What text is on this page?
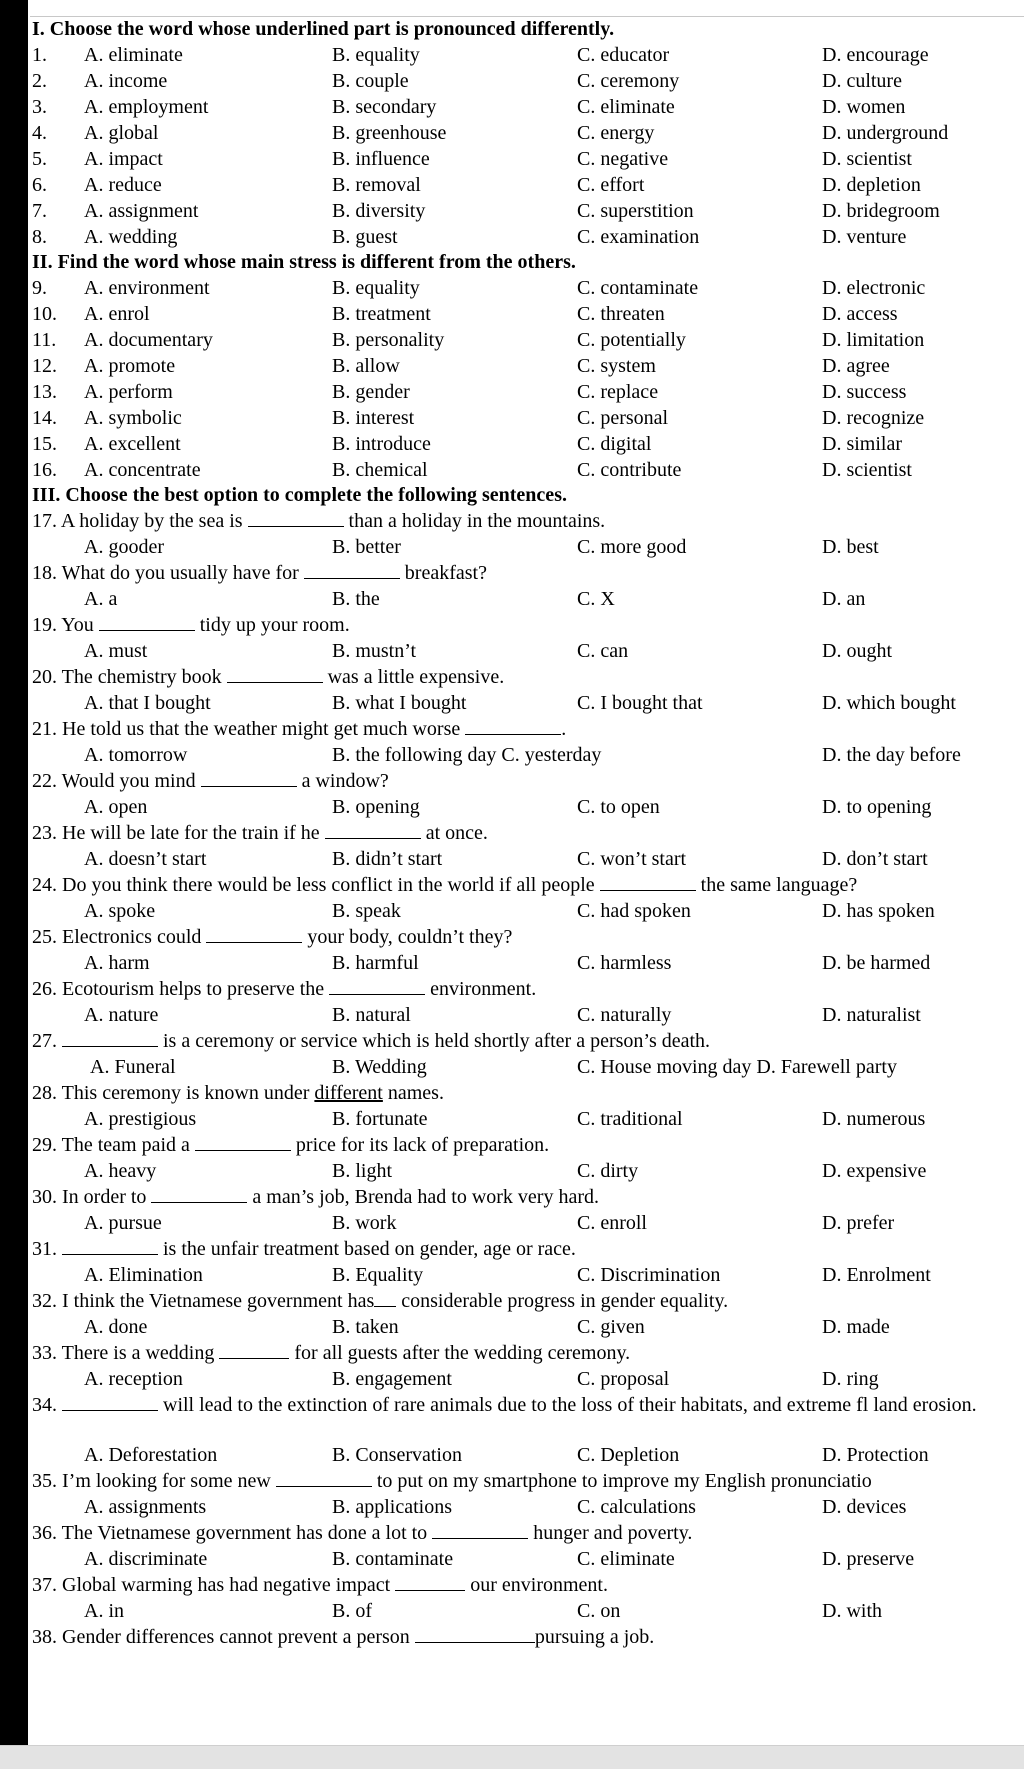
I. Choose the word whose underlined part is pronounced differently.
1. A. eliminate	B. equality	C. educator	D. encourage
2. A. income	B. couple	C. ceremony	D. culture
3. A. employment	B. secondary	C. eliminate	D. women
4. A. global	B. greenhouse	C. energy	D. underground
5. A. impact	B. influence	C. negative	D. scientist
6. A. reduce	B. removal	C. effort	D. depletion
7. A. assignment	B. diversity	C. superstition	D. bridegroom
8. A. wedding	B. guest	C. examination	D. venture
II. Find the word whose main stress is different from the others.
9. A. environment	B. equality	C. contaminate	D. electronic
10. A. enrol	B. treatment	C. threaten	D. access
11. A. documentary	B. personality	C. potentially	D. limitation
12. A. promote	B. allow	C. system	D. agree
13. A. perform	B. gender	C. replace	D. success
14. A. symbolic	B. interest	C. personal	D. recognize
15. A. excellent	B. introduce	C. digital	D. similar
16. A. concentrate	B. chemical	C. contribute	D. scientist
III. Choose the best option to complete the following sentences.
17. A holiday by the sea is	than a holiday in the mountains.
A. gooder	B. better	C. more good	D. best
18. What do you usually have for	breakfast?
A. a	B. the	C. X	D. an
19. You	tidy up your room.
A. must	B. mustn’t	C. can	D. ought
20. The chemistry book	was a little expensive.
A. that I bought	B. what I bought	C. I bought that	D. which bought
21. He told us that the weather might get much worse	.
A. tomorrow	B. the following day C. yesterday	D. the day before
22. Would you mind	a window?
A. open	B. opening	C. to open	D. to opening
23. He will be late for the train if he	at once.
A. doesn’t start	B. didn’t start	C. won’t start	D. don’t start
24. Do you think there would be less conflict in the world if all people	the same language?
A. spoke	B. speak	C. had spoken	D. has spoken
25. Electronics could	your body, couldn’t they?
A. harm	B. harmful	C. harmless	D. be harmed
26. Ecotourism helps to preserve the	environment.
A. nature	B. natural	C. naturally	D. naturalist
27.	is a ceremony or service which is held shortly after a person’s death.
A. Funeral	B. Wedding	C. House moving day D. Farewell party
28. This ceremony is known under different names.
A. prestigious	B. fortunate	C. traditional	D. numerous
29. The team paid a	price for its lack of preparation.
A. heavy	B. light	C. dirty	D. expensive
30. In order to	a man’s job, Brenda had to work very hard.
A. pursue	B. work	C. enroll	D. prefer
31.	is the unfair treatment based on gender, age or race.
A. Elimination	B. Equality	C. Discrimination	D. Enrolment
32. I think the Vietnamese government has considerable progress in gender equality.
A. done	B. taken	C. given	D. made
33. There is a wedding	for all guests after the wedding ceremony.
A. reception	B. engagement	C. proposal	D. ring
34.	will lead to the extinction of rare animals due to the loss of their habitats, and extreme fl land erosion.
A. Deforestation	B. Conservation	C. Depletion	D. Protection
35. I’m looking for some new	to put on my smartphone to improve my English pronunciatio
A. assignments	B. applications	C. calculations	D. devices
36. The Vietnamese government has done a lot to	hunger and poverty.
A. discriminate	B. contaminate	C. eliminate	D. preserve
37. Global warming has had negative impact	our environment.
A. in	B. of	C. on	D. with
38. Gender differences cannot prevent a person	pursuing a job.
